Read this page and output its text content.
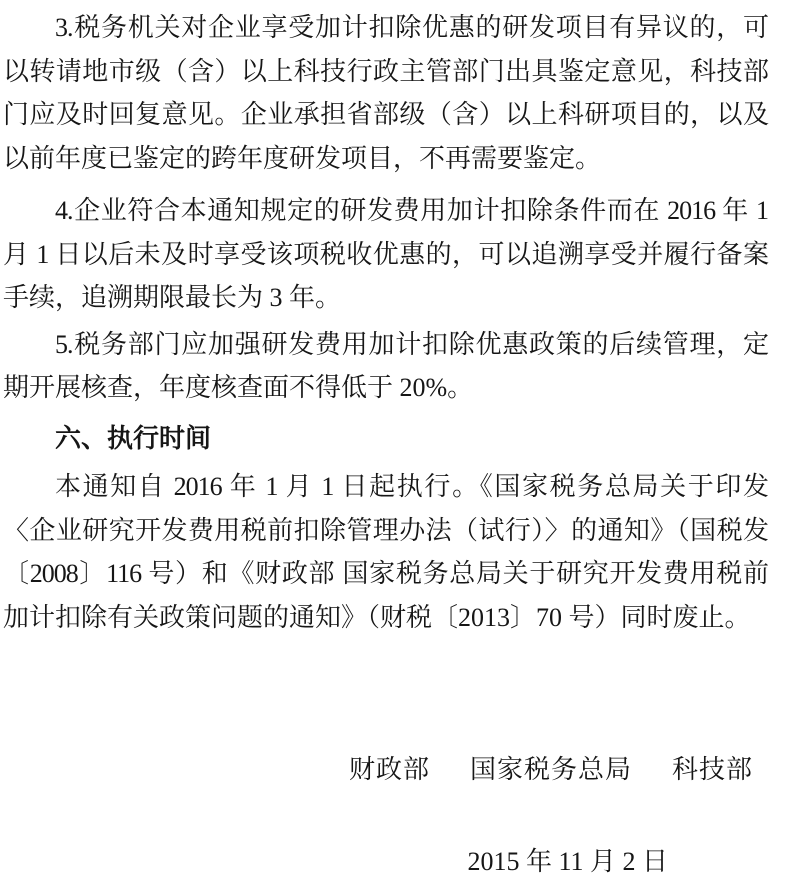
3.税务机关对企业享受加计扣除优惠的研发项目有异议的，可
以转请地市级（含）以上科技行政主管部门出具鉴定意见，科技部
门应及时回复意见。企业承担省部级（含）以上科研项目的，以及
以前年度已鉴定的跨年度研发项目，不再需要鉴定。

4.企业符合本通知规定的研发费用加计扣除条件而在 2016 年 1
月 1 日以后未及时享受该项税收优惠的，可以追溯享受并履行备案
手续，追溯期限最长为 3 年。

5.税务部门应加强研发费用加计扣除优惠政策的后续管理，定
期开展核查，年度核查面不得低于 20%。

六、执行时间

本通知自 2016 年 1 月 1 日起执行。《国家税务总局关于印发
〈企业研究开发费用税前扣除管理办法（试行）〉的通知》（国税发
〔2008〕116 号）和《财政部 国家税务总局关于研究开发费用税前
加计扣除有关政策问题的通知》（财税〔2013〕70 号）同时废止。

财政部 国家税务总局 科技部
2015 年 11 月 2 日
